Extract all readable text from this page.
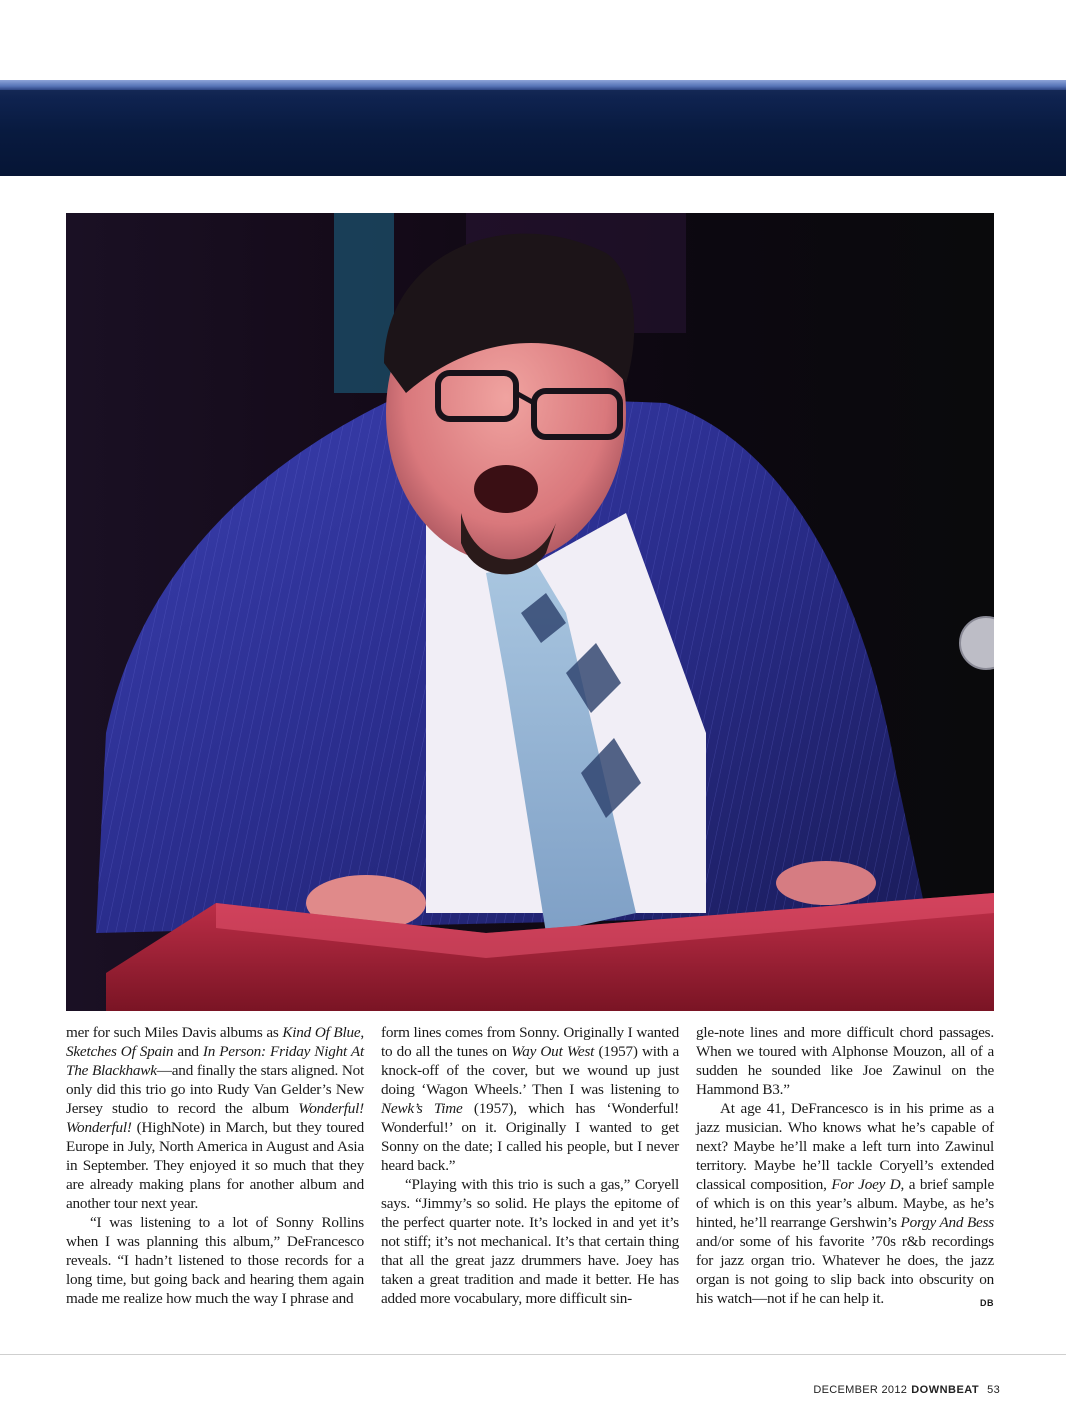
mer for such Miles Davis albums as Kind Of Blue, Sketches Of Spain and In Person: Friday Night At The Blackhawk—and finally the stars aligned. Not only did this trio go into Rudy Van Gelder’s New Jersey studio to record the album Wonderful! Wonderful! (HighNote) in March, but they toured Europe in July, North America in August and Asia in September. They enjoyed it so much that they are already making plans for another album and another tour next year.

“I was listening to a lot of Sonny Rollins when I was planning this album,” DeFrancesco reveals. “I hadn’t listened to those records for a long time, but going back and hearing them again made me realize how much the way I phrase and

form lines comes from Sonny. Originally I wanted to do all the tunes on Way Out West (1957) with a knock-off of the cover, but we wound up just doing ‘Wagon Wheels.’ Then I was listening to Newk’s Time (1957), which has ‘Wonderful! Wonderful!’ on it. Originally I wanted to get Sonny on the date; I called his people, but I never heard back.”

“Playing with this trio is such a gas,” Coryell says. “Jimmy’s so solid. He plays the epitome of the perfect quarter note. It’s locked in and yet it’s not stiff; it’s not mechanical. It’s that certain thing that all the great jazz drummers have. Joey has taken a great tradition and made it better. He has added more vocabulary, more difficult sin-

gle-note lines and more difficult chord passages. When we toured with Alphonse Mouzon, all of a sudden he sounded like Joe Zawinul on the Hammond B3.”

At age 41, DeFrancesco is in his prime as a jazz musician. Who knows what he’s capable of next? Maybe he’ll make a left turn into Zawinul territory. Maybe he’ll tackle Coryell’s extended classical composition, For Joey D, a brief sample of which is on this year’s album. Maybe, as he’s hinted, he’ll rearrange Gershwin’s Porgy And Bess and/or some of his favorite ’70s r&b recordings for jazz organ trio. Whatever he does, the jazz organ is not going to slip back into obscurity on his watch—not if he can help it.	DB

DECEMBER 2012 DOWNBEAT 53
